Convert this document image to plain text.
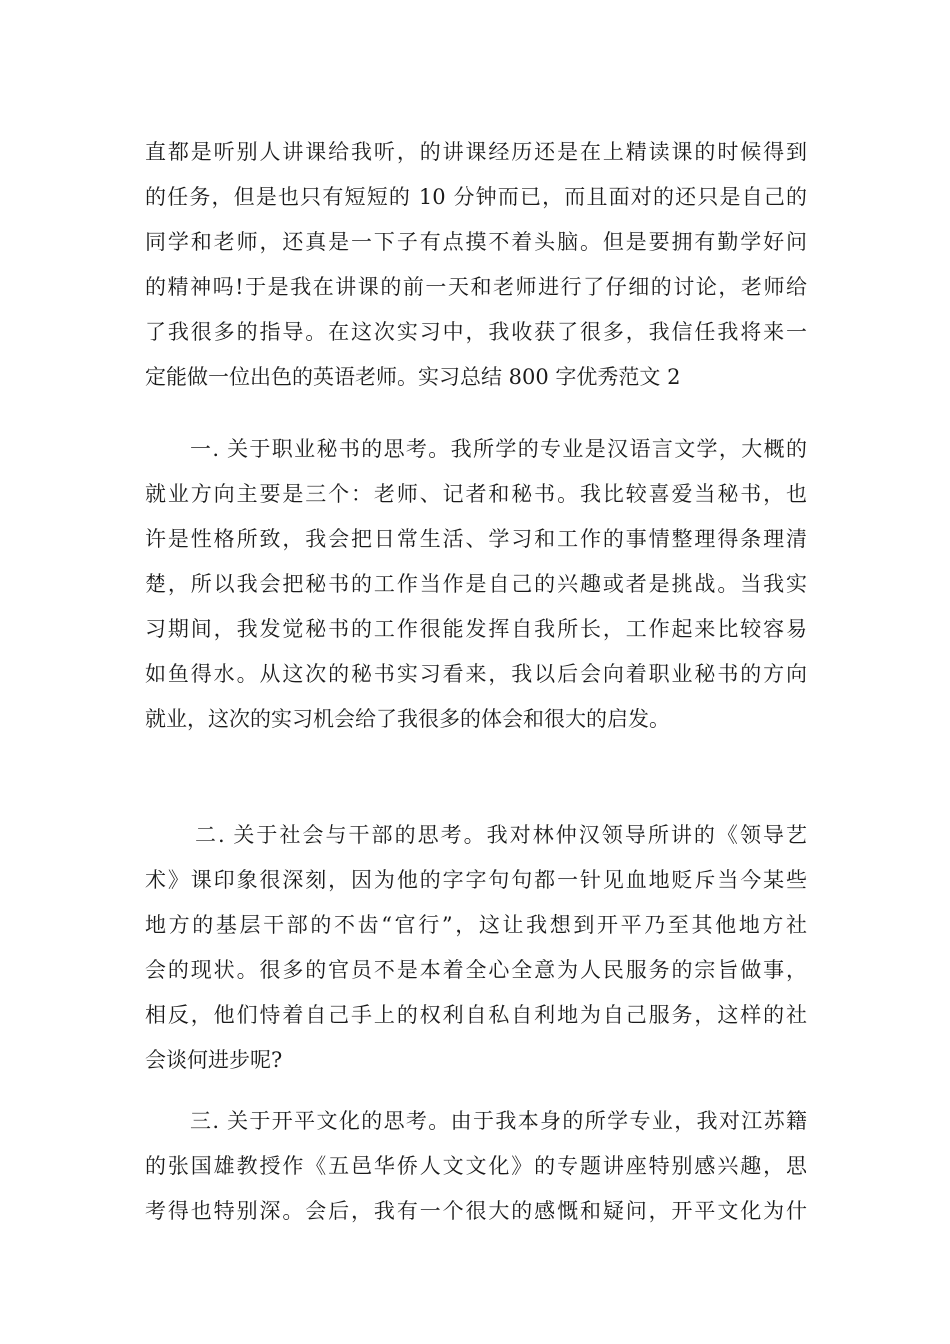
直都是听别人讲课给我听，的讲课经历还是在上精读课的时候得到
的任务，但是也只有短短的 10 分钟而已，而且面对的还只是自己的
同学和老师，还真是一下子有点摸不着头脑。但是要拥有勤学好问
的精神吗!于是我在讲课的前一天和老师进行了仔细的讨论，老师给
了我很多的指导。在这次实习中，我收获了很多，我信任我将来一
定能做一位出色的英语老师。实习总结 800 字优秀范文 2
一. 关于职业秘书的思考。我所学的专业是汉语言文学，大概的
就业方向主要是三个：老师、记者和秘书。我比较喜爱当秘书，也
许是性格所致，我会把日常生活、学习和工作的事情整理得条理清
楚，所以我会把秘书的工作当作是自己的兴趣或者是挑战。当我实
习期间，我发觉秘书的工作很能发挥自我所长，工作起来比较容易
如鱼得水。从这次的秘书实习看来，我以后会向着职业秘书的方向
就业，这次的实习机会给了我很多的体会和很大的启发。
二. 关于社会与干部的思考。我对林仲汉领导所讲的《领导艺
术》课印象很深刻，因为他的字字句句都一针见血地贬斥当今某些
地方的基层干部的不齿“官行”，这让我想到开平乃至其他地方社
会的现状。很多的官员不是本着全心全意为人民服务的宗旨做事，
相反，他们恃着自己手上的权利自私自利地为自己服务，这样的社
会谈何进步呢?
三. 关于开平文化的思考。由于我本身的所学专业，我对江苏籍
的张国雄教授作《五邑华侨人文文化》的专题讲座特别感兴趣，思
考得也特别深。会后，我有一个很大的感慨和疑问，开平文化为什
